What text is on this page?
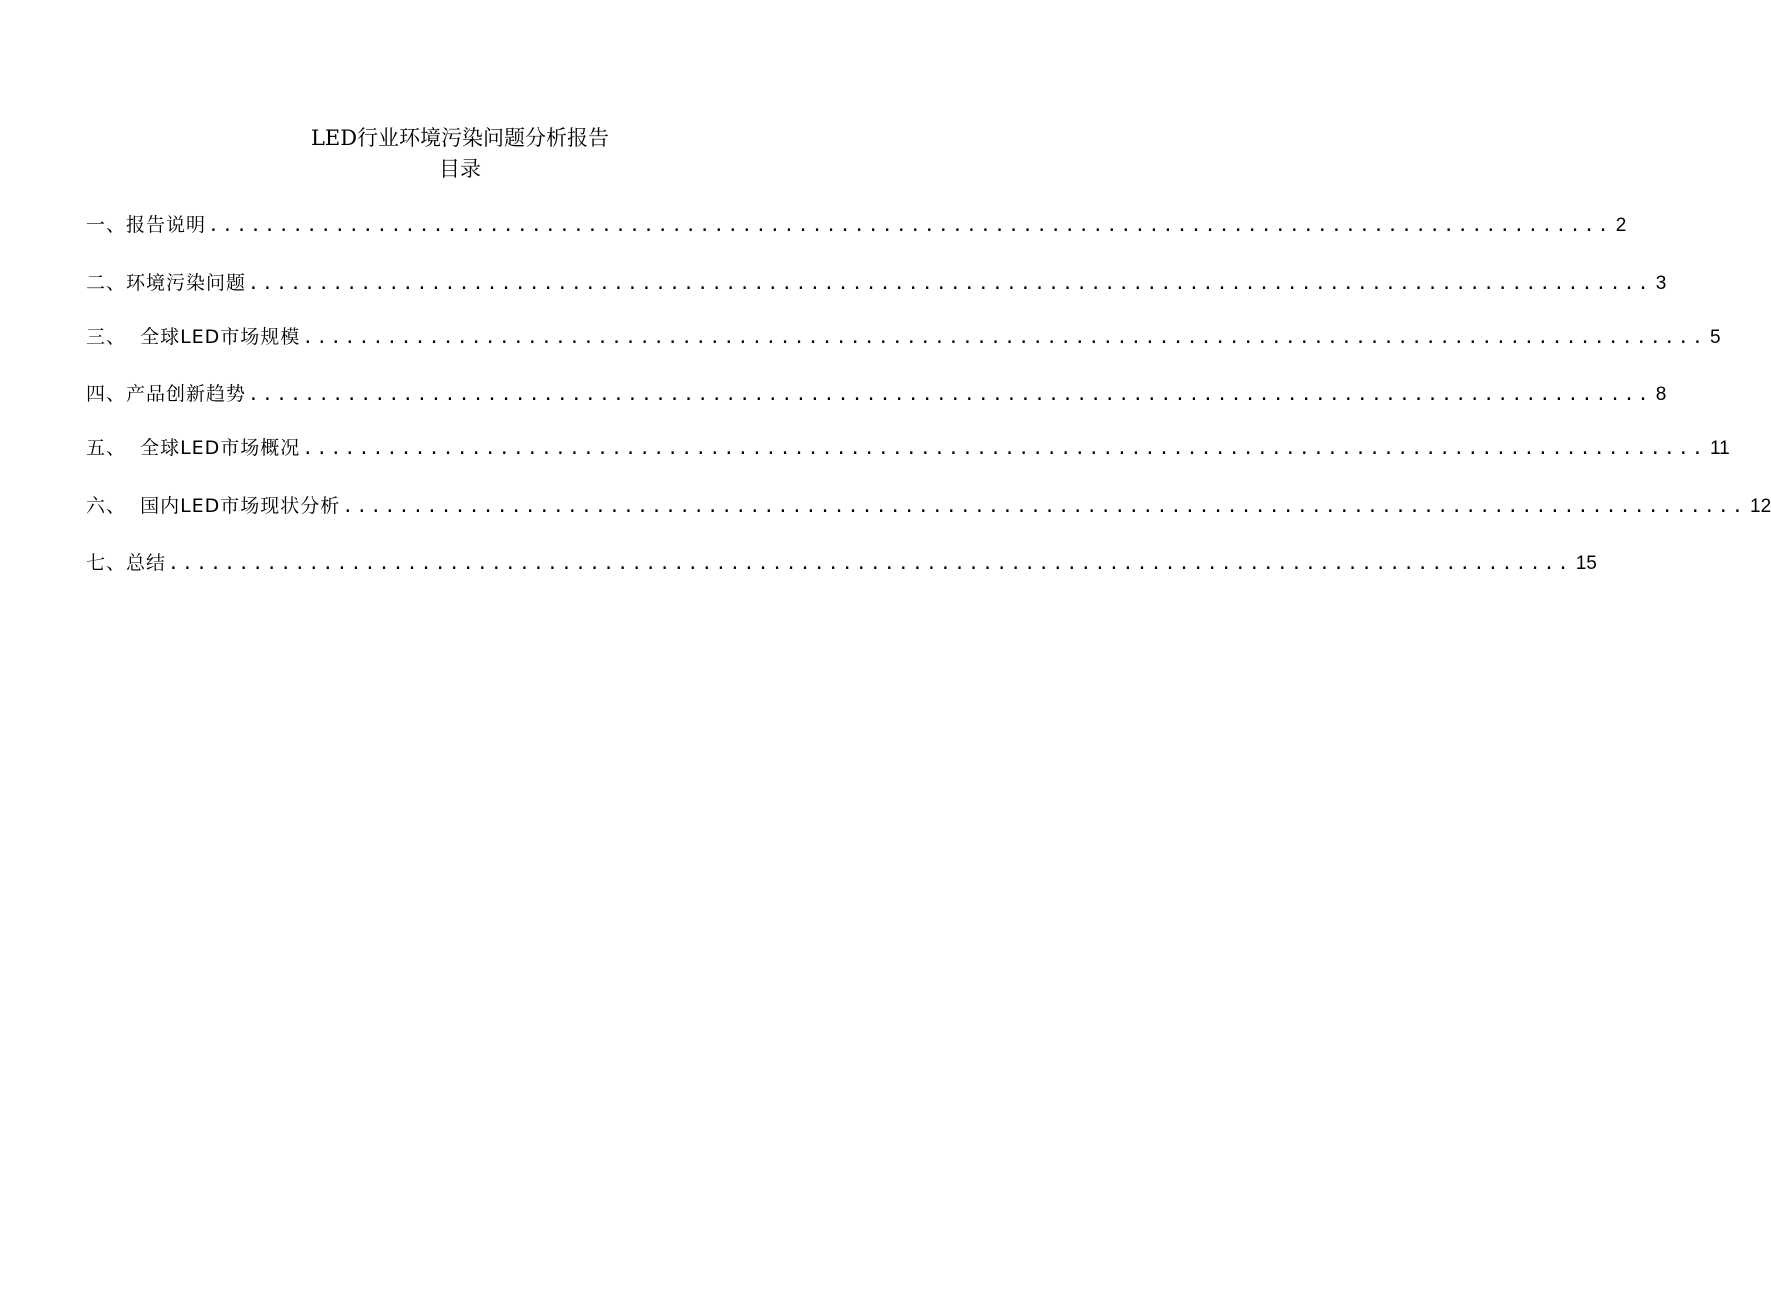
LED行业环境污染问题分析报告
目录
一、报告说明 .................................................................................................... 2
二、环境污染问题 .................................................................................................... 3
三、  全球LED市场规模 .................................................................................................... 5
四、产品创新趋势 .................................................................................................... 8
五、  全球LED市场概况 .................................................................................................... 11
六、  国内LED市场现状分析 .................................................................................................... 12
七、总结 .................................................................................................... 15
